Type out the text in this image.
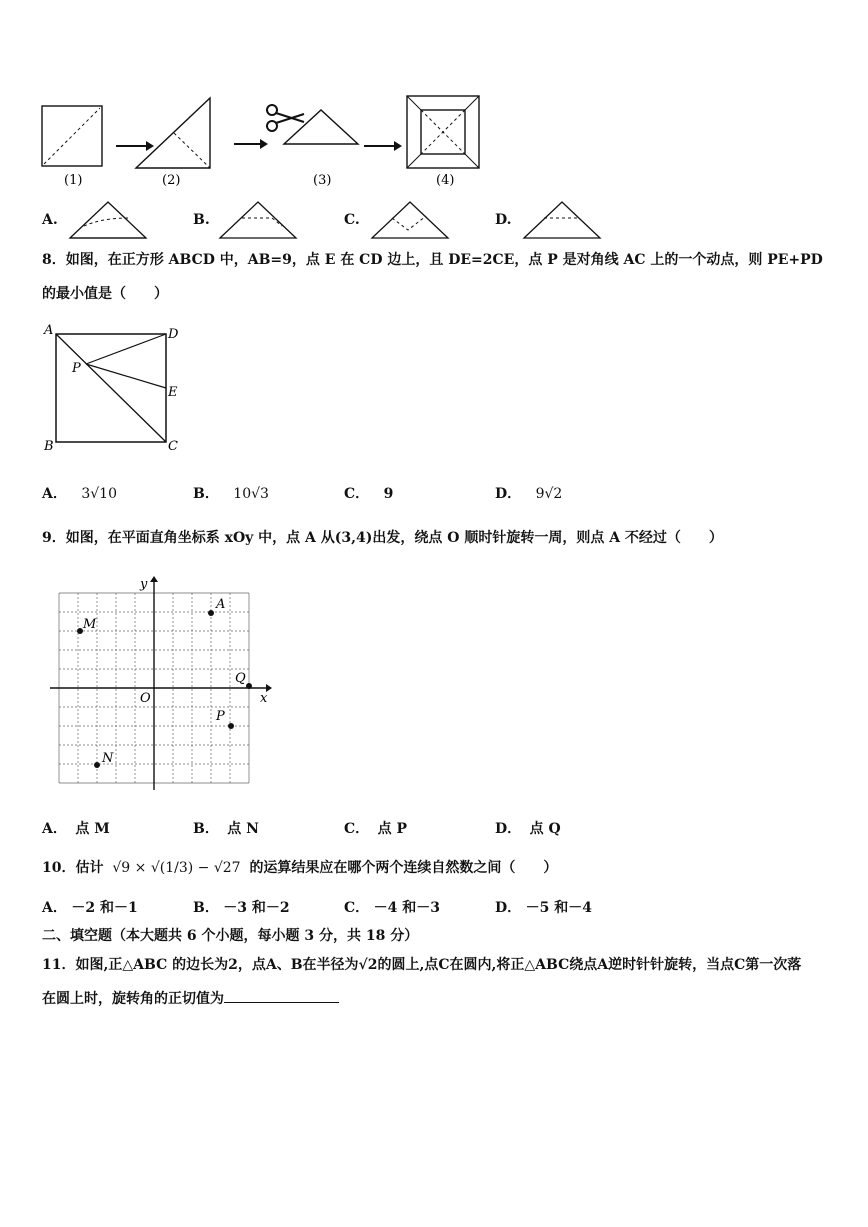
(1)	(2)	(3)	(4)
A.	B.	C.	D.
8．如图，在正方形 ABCD 中，AB=9，点 E 在 CD 边上，且 DE=2CE，点 P 是对角线 AC 上的一个动点，则 PE+PD
的最小值是（　　）
A	D
P
E
B	C
A． 3√10	B． 10√3	C． 9	D． 9√2
9．如图，在平面直角坐标系 xOy 中，点 A 从(3,4)出发，绕点 O 顺时针旋转一周，则点 A 不经过（　　）
y
x
O
A
M
Q
P
N
A． 点 M	B． 点 N	C． 点 P	D． 点 Q
10．估计 √9 × √(1/3) − √27 的运算结果应在哪个两个连续自然数之间（　　）
A． －2 和－1	B． －3 和－2	C． －4 和－3	D． －5 和－4
二、填空题（本大题共 6 个小题，每小题 3 分，共 18 分）
11．如图,正△ABC 的边长为2，点A、B在半径为√2的圆上,点C在圆内,将正△ABC绕点A逆时针针旋转，当点C第一次落
在圆上时，旋转角的正切值为
